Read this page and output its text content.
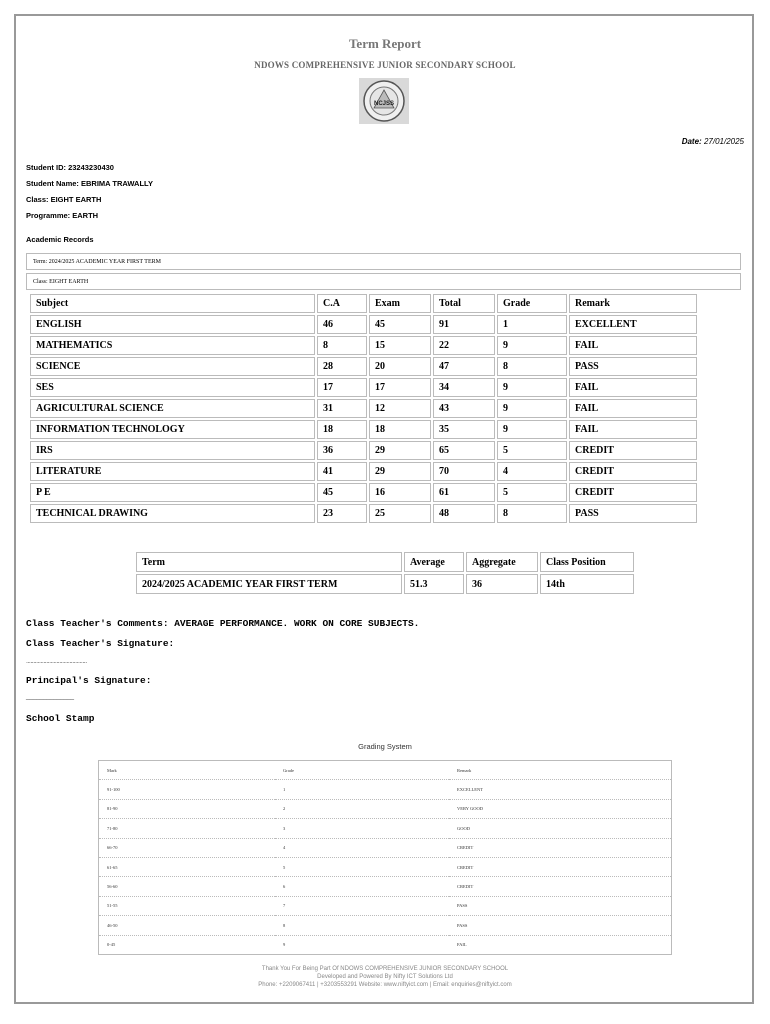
Term Report
NDOWS COMPREHENSIVE JUNIOR SECONDARY SCHOOL
NCJSS
Date: 27/01/2025
Student ID: 23243230430
Student Name: EBRIMA TRAWALLY
Class: EIGHT EARTH
Programme: EARTH
Academic Records
Term: 2024/2025 ACADEMIC YEAR FIRST TERM
Class: EIGHT EARTH
Subject	C.A	Exam	Total	Grade	Remark
ENGLISH	46	45	91	1	EXCELLENT
MATHEMATICS	8	15	22	9	FAIL
SCIENCE	28	20	47	8	PASS
SES	17	17	34	9	FAIL
AGRICULTURAL SCIENCE	31	12	43	9	FAIL
INFORMATION TECHNOLOGY	18	18	35	9	FAIL
IRS	36	29	65	5	CREDIT
LITERATURE	41	29	70	4	CREDIT
P E	45	16	61	5	CREDIT
TECHNICAL DRAWING	23	25	48	8	PASS
Term	Average	Aggregate	Class Position
2024/2025 ACADEMIC YEAR FIRST TERM	51.3	36	14th
Class Teacher's Comments: AVERAGE PERFORMANCE. WORK ON CORE SUBJECTS.
Class Teacher's Signature:
..........................................
Principal's Signature:
______________
School Stamp
Grading System
Mark	Grade	Remark
91-100	1	EXCELLENT
81-90	2	VERY GOOD
71-80	3	GOOD
66-70	4	CREDIT
61-65	5	CREDIT
56-60	6	CREDIT
51-55	7	PASS
46-50	8	PASS
0-45	9	FAIL
Thank You For Being Part Of NDOWS COMPREHENSIVE JUNIOR SECONDARY SCHOOL
Developed and Powered By Nifty ICT Solutions Ltd
Phone: +2209067411 | +3203553291 Website: www.niftyict.com | Email: enquiries@niftyict.com
